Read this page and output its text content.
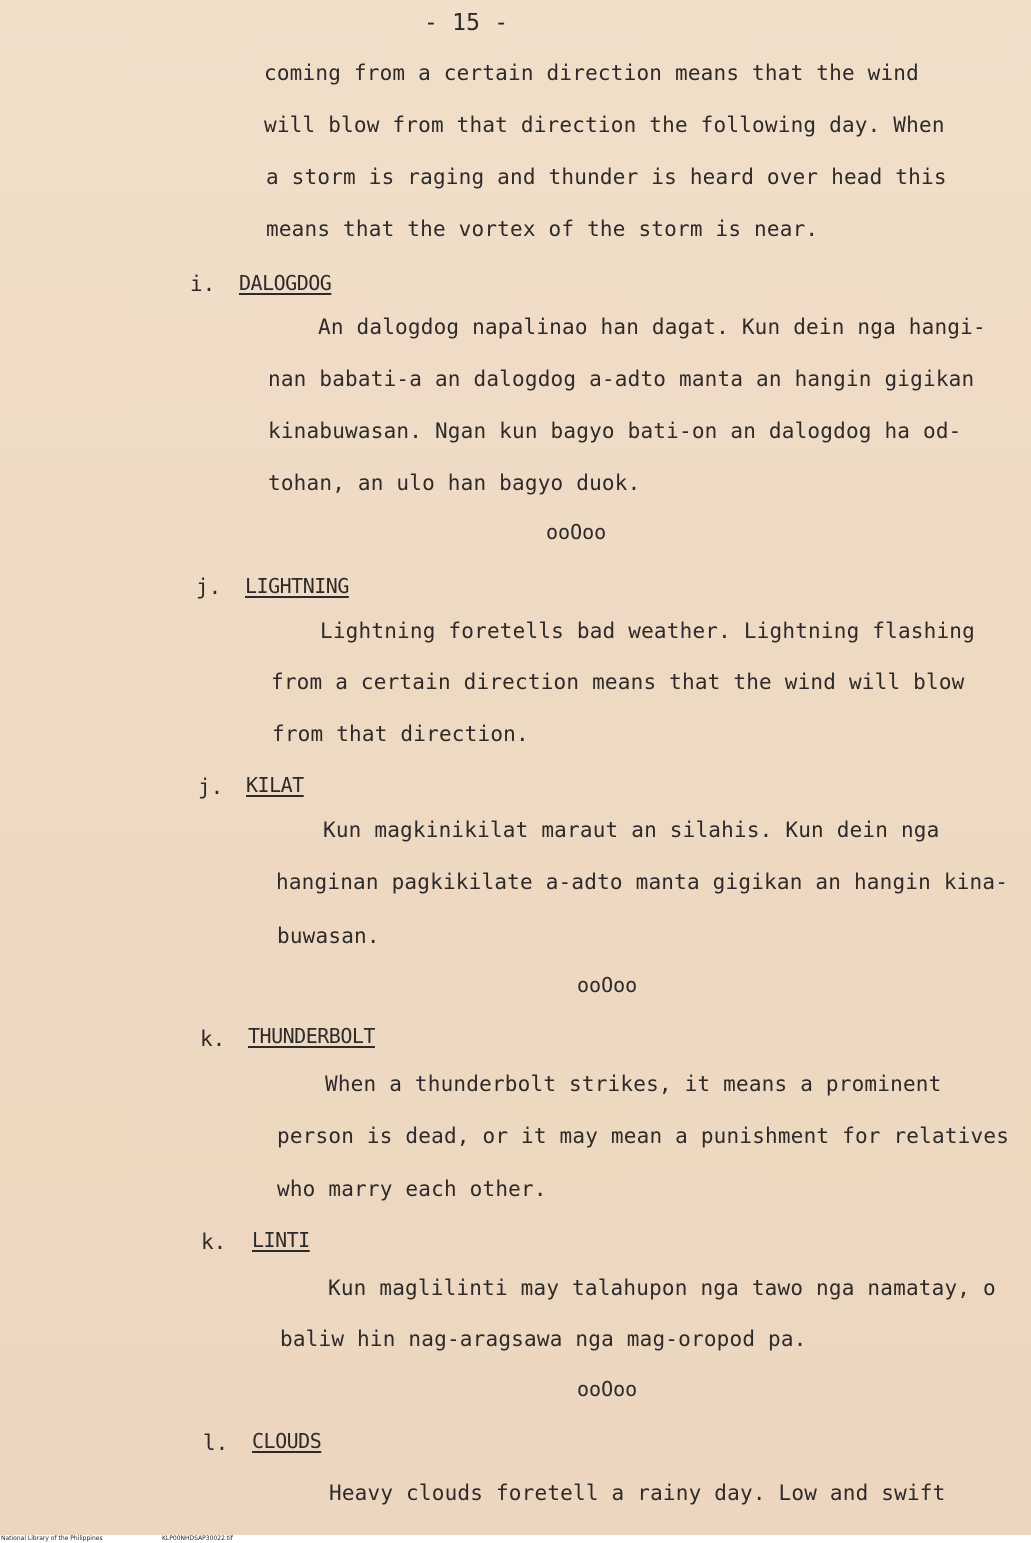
- 15 -
coming from a certain direction means that the wind
will blow from that direction the following day. When
a storm is raging and thunder is heard over head this
means that the vortex of the storm is near.
i. DALOGDOG
An dalogdog napalinao han dagat. Kun dein nga hangi-
nan babati-a an dalogdog a-adto manta an hangin gigikan
kinabuwasan. Ngan kun bagyo bati-on an dalogdog ha od-
tohan, an ulo han bagyo duok.
ooOoo
j. LIGHTNING
Lightning foretells bad weather. Lightning flashing
from a certain direction means that the wind will blow
from that direction.
j. KILAT
Kun magkinikilat maraut an silahis. Kun dein nga
hanginan pagkikilate a-adto manta gigikan an hangin kina-
buwasan.
ooOoo
k. THUNDERBOLT
When a thunderbolt strikes, it means a prominent
person is dead, or it may mean a punishment for relatives
who marry each other.
k. LINTI
Kun maglilinti may talahupon nga tawo nga namatay, o
baliw hin nag-aragsawa nga mag-oropod pa.
ooOoo
l. CLOUDS
Heavy clouds foretell a rainy day. Low and swift
National Library of the Philippines	KLP00NHDSAP30022.tif
